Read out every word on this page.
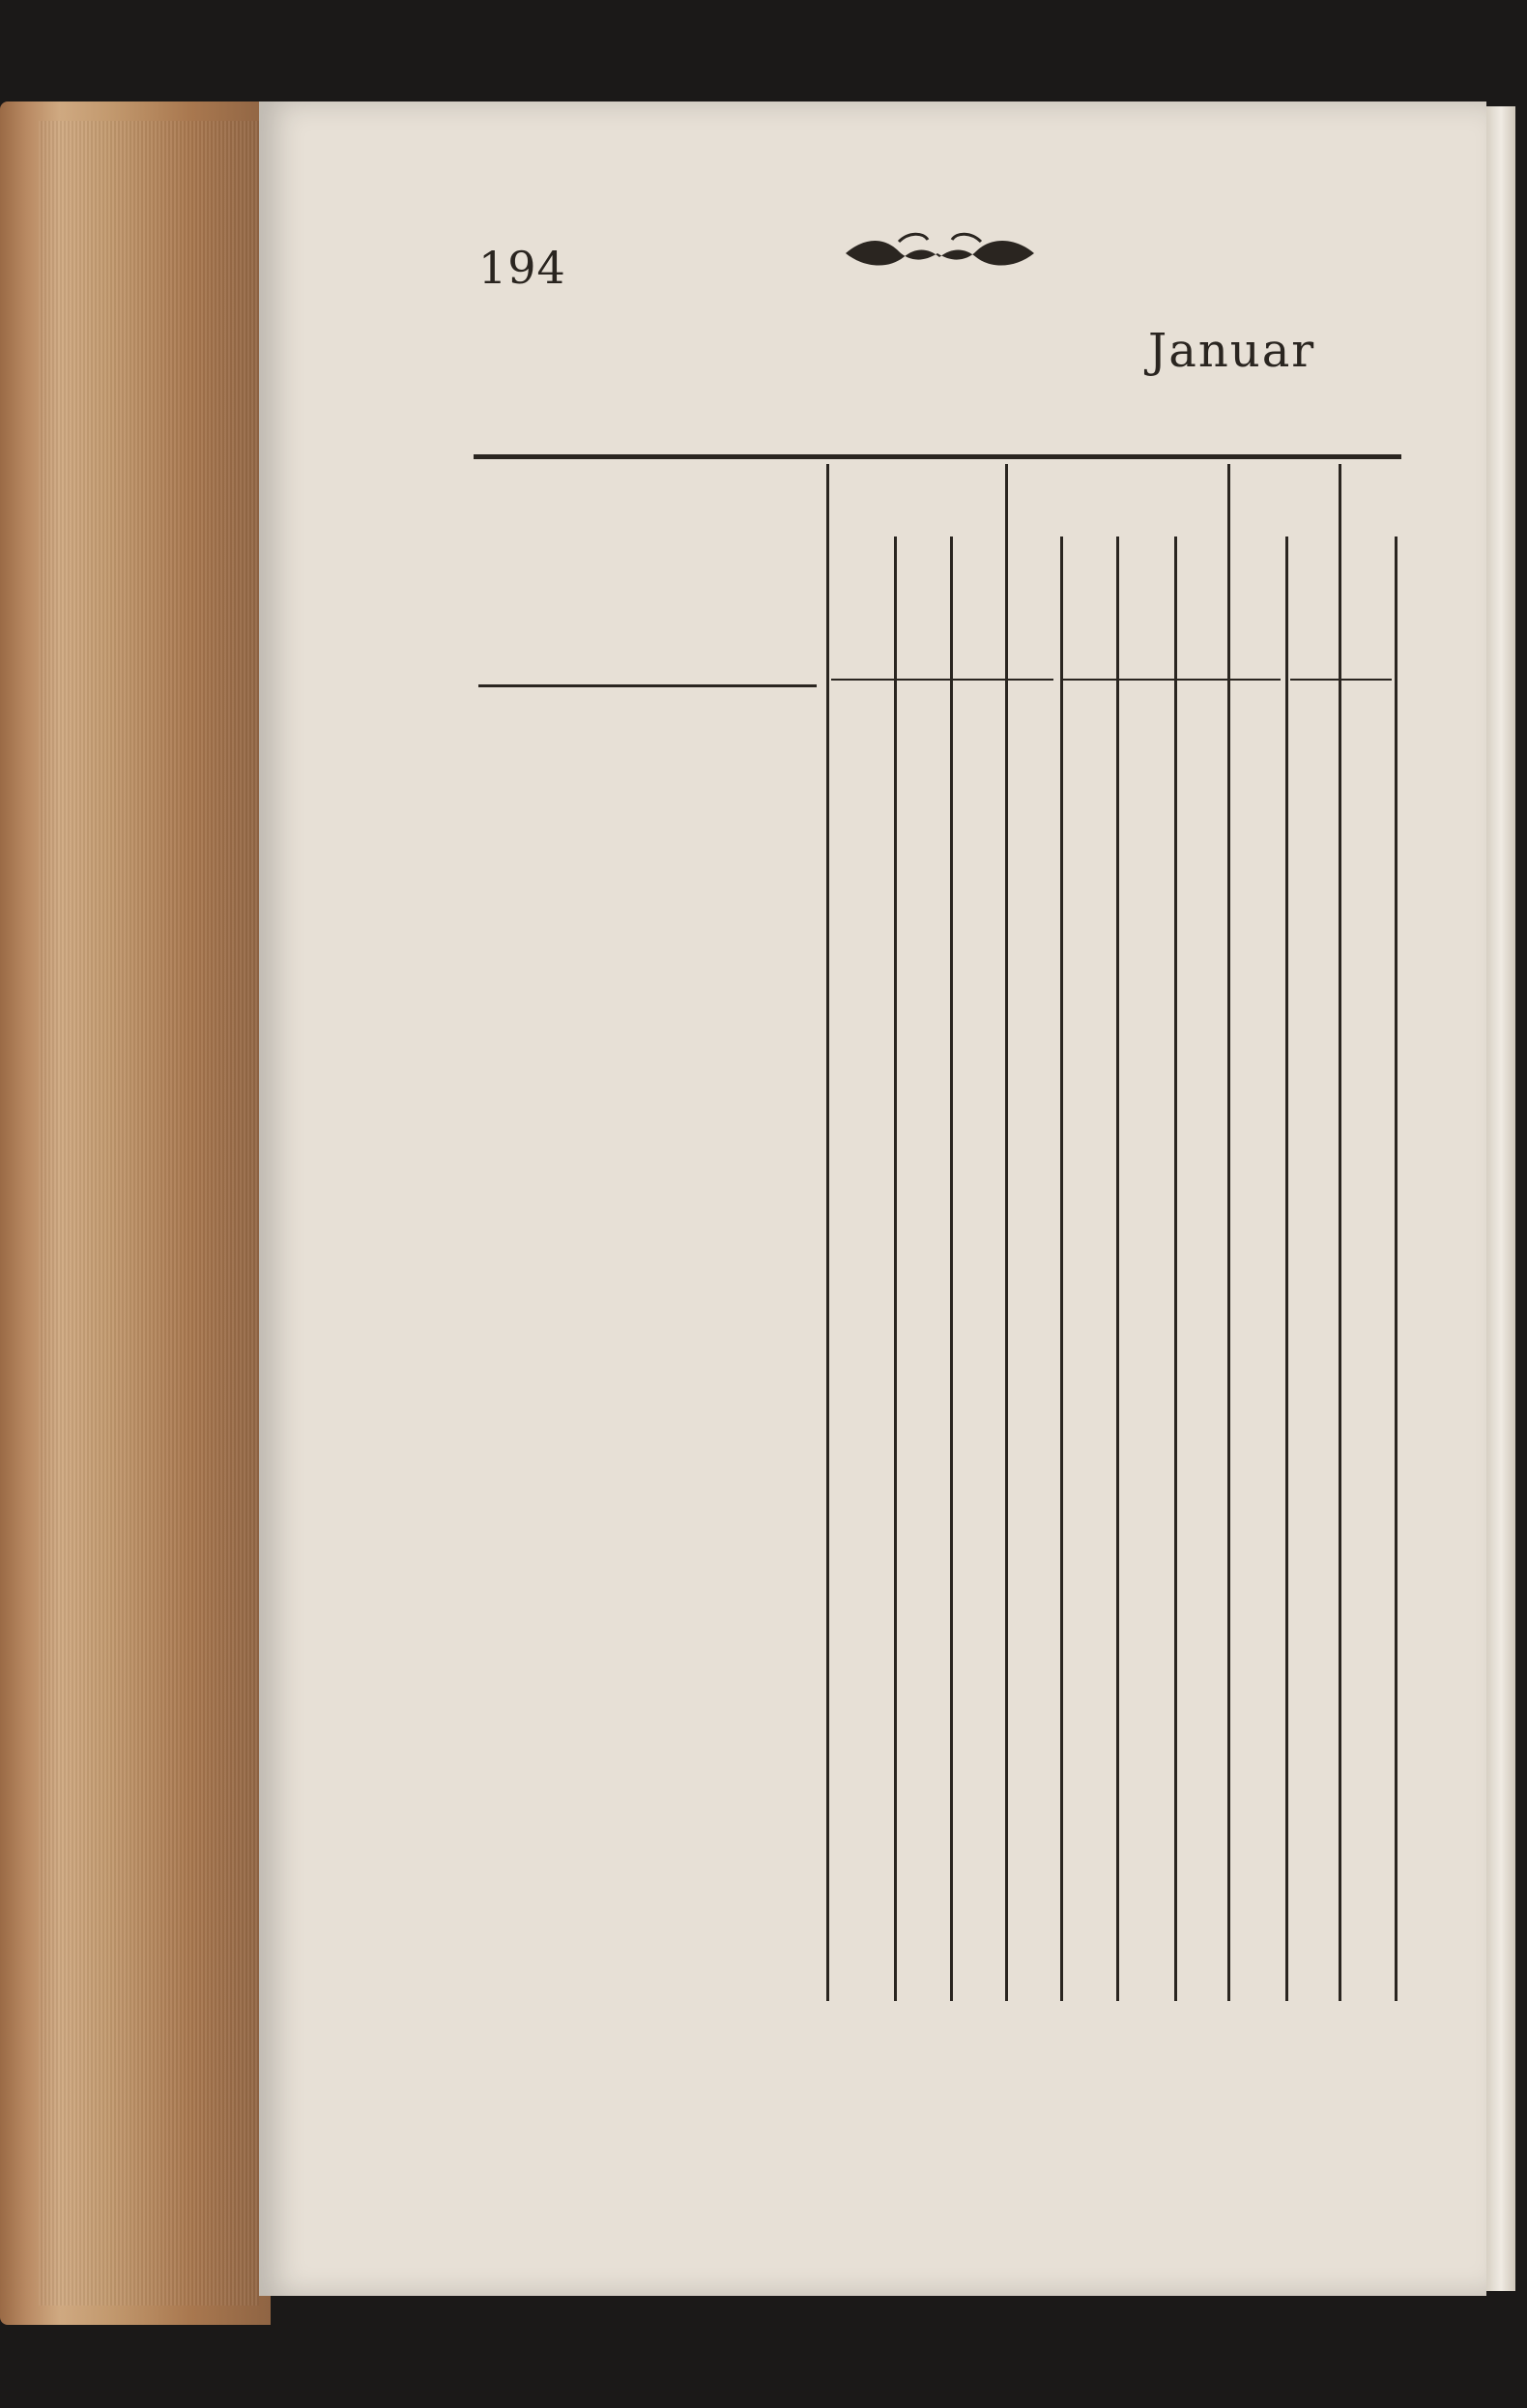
194
Januar
